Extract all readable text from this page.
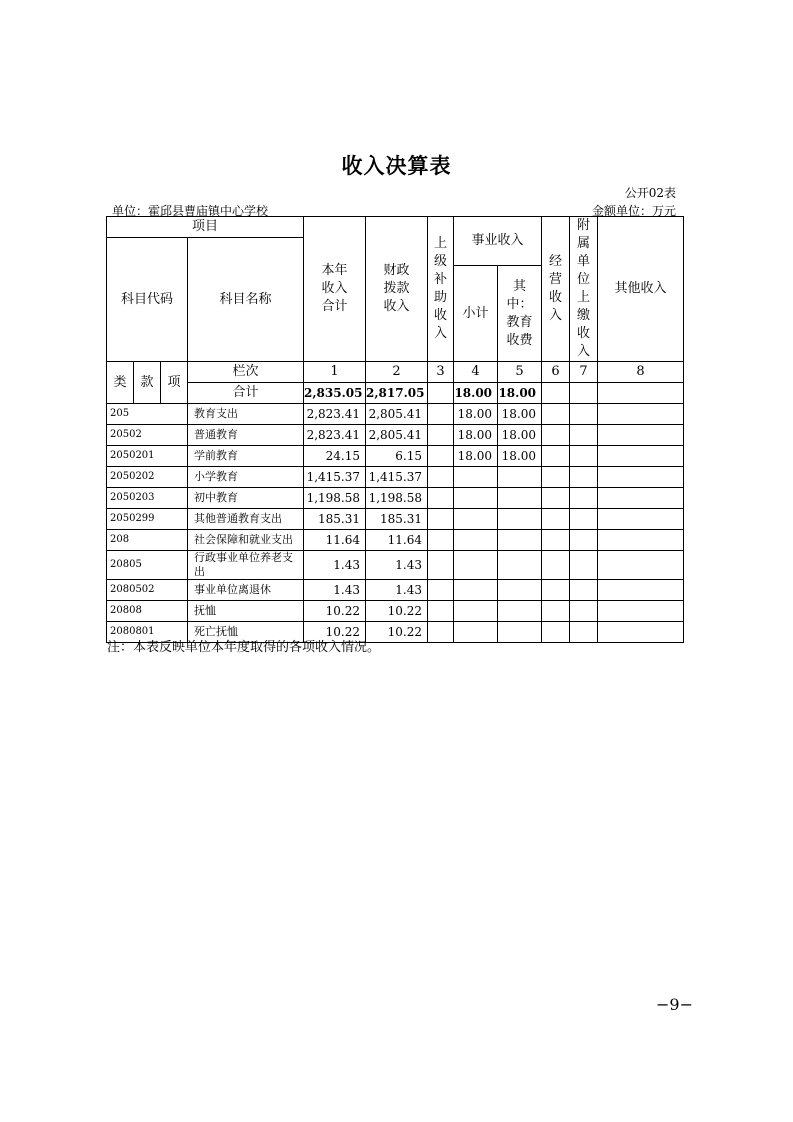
收入决算表
公开02表
单位：霍邱县曹庙镇中心学校	金额单位：万元
项目				本年收入合计	财政拨款收入	上级补助收入	事业收入		经营收入	附属单位上缴收入	其他收入
科目代码			科目名称								
							小计	其中：教育收费			
类	款	项	栏次	1	2	3	4	5	6	7	8
			合计	2,835.05	2,817.05		18.00	18.00			
205			教育支出	2,823.41	2,805.41		18.00	18.00			
20502			普通教育	2,823.41	2,805.41		18.00	18.00			
2050201			学前教育	24.15	6.15		18.00	18.00			
2050202			小学教育	1,415.37	1,415.37						
2050203			初中教育	1,198.58	1,198.58						
2050299			其他普通教育支出	185.31	185.31						
208			社会保障和就业支出	11.64	11.64						
20805			行政事业单位养老支出	1.43	1.43						
2080502			事业单位离退休	1.43	1.43						
20808			抚恤	10.22	10.22						
2080801			死亡抚恤	10.22	10.22						
注：本表反映单位本年度取得的各项收入情况。
−9−
